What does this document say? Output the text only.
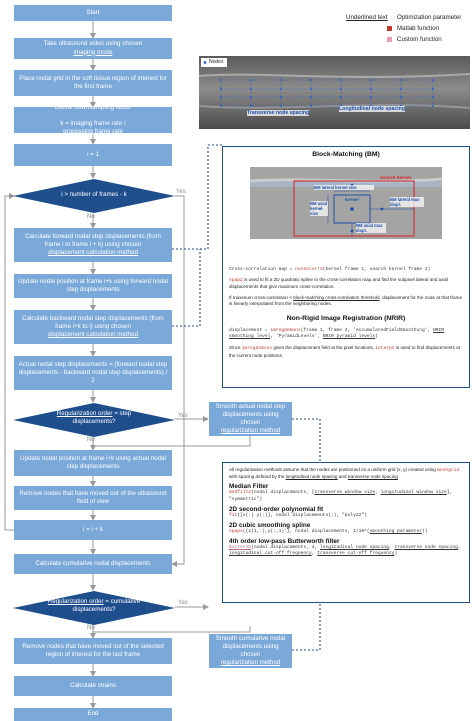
Underlined text Optimization parameter
Matlab function
Custom function
Start
Take ultrasound video using chosen
imaging mode
Place nodal grid in the soft tissue region of interest for the first frame
Define downsampling factor

k = imaging frame rate /
processing frame rate
i = 1
i > number of frames - k	Yes
No
Calculate forward nodal step displacements (from frame i to frame i + k) using chosen
displacement calculation method
Update nodal position at frame i+k using forward nodal step displacements
Calculate backward nodal step displacements (from frame i+k to i) using chosen
displacement calculation method
Actual nodal step displacements = (forward nodal step displacements - backward nodal step displacements) / 2
Regularization order = step displacements?
Yes
No
Smooth actual nodal step displacements using chosen
regularization method
Update nodal position at frame i+k using actual nodal step displacements
Remove nodes that have moved out of the ultrasound field of view
i = i + k
Calculate cumulative nodal displacements
Regularization order = cumulative displacements?
Yes
No
Smooth cumulative nodal displacements using chosen
regularization method
Remove nodes that have moved out of the selected region of interest for the last frame
Calculate strains
End
Nodes
Longitudinal node spacing
Transverse node spacing
Block-Matching (BM)
Search Kernel
Kernel
BM lateral kernel size
BM lateral max displ.
BM axial kernel size
BM axial max displ.
Cross-correlation map = normxcorr2(kernel frame 1, search kernel frame 2)
spap2 is used to fit a 2D quadratic spline to the cross-correlation map and find the subpixel lateral and axial displacements that give maximum cross-correlation.
If maximum cross-correlation < block-matching cross-correlation threshold, displacement for the node at that frame is linearly interpolated from the neighboring nodes.
Non-Rigid Image Registration (NRIR)
displacement = imregdemons(frame 1, frame 2, 'AccumulatedFieldSmoothing', NRIR smoothing level, 'PyramidLevels', NRIR pyramid levels)
Since imregdemons gives the displacement field at the pixel locations, interp2 is used to find displacements at the current node positions.
All regularisation methods assume that the nodes are positioned on a uniform grid (x, y) created using meshgrid with spacing defined by the longitudinal node spacing and transverse node spacing
Median Filter
medfilt2(nodal displacements, [transverse window size, longitudinal window size], "symmetric")
2D second-order polynomial fit
fit([x(:) y(:)], nodal displacements(:), "poly22")
2D cubic smoothing spline
spaps({x(1,:),y(:,1)'}, nodal displacements, 1/10^(smoothing parameter))
4th order low-pass Butterworth filter
Butter2D(nodal displacements, 4, longitudinal node spacing, transverse node spacing, longitudinal cut-off frequency, transverse cut-off frequency)
